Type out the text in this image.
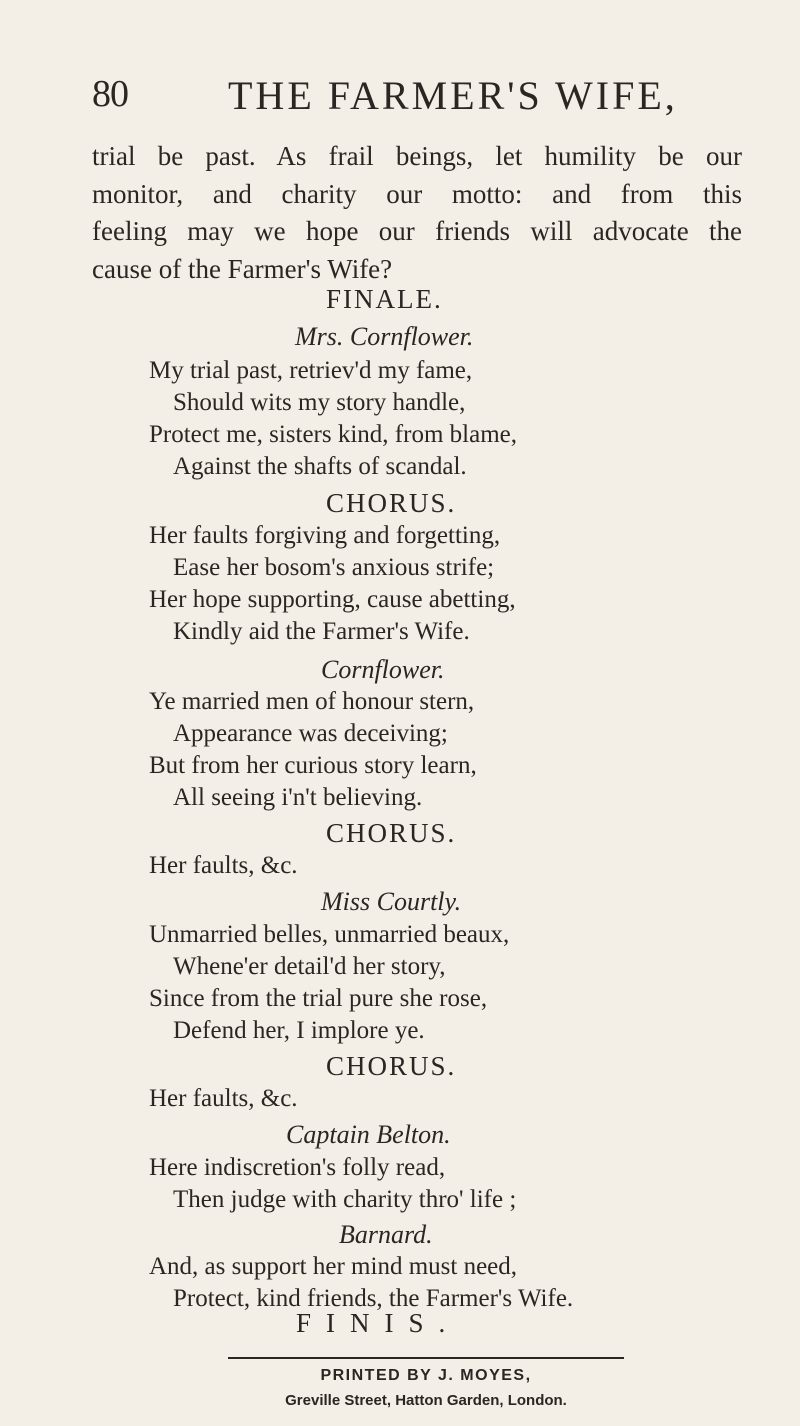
80	THE FARMER'S WIFE,
trial be past. As frail beings, let humility be our
monitor, and charity our motto: and from this
feeling may we hope our friends will advocate the
cause of the Farmer's Wife?
FINALE.
Mrs. Cornflower.
My trial past, retriev'd my fame,
Should wits my story handle,
Protect me, sisters kind, from blame,
Against the shafts of scandal.
CHORUS.
Her faults forgiving and forgetting,
Ease her bosom's anxious strife;
Her hope supporting, cause abetting,
Kindly aid the Farmer's Wife.
Cornflower.
Ye married men of honour stern,
Appearance was deceiving;
But from her curious story learn,
All seeing i'n't believing.
CHORUS.
Her faults, &c.
Miss Courtly.
Unmarried belles, unmarried beaux,
Whene'er detail'd her story,
Since from the trial pure she rose,
Defend her, I implore ye.
CHORUS.
Her faults, &c.
Captain Belton.
Here indiscretion's folly read,
Then judge with charity thro' life ;
Barnard.
And, as support her mind must need,
Protect, kind friends, the Farmer's Wife.
FINIS.
PRINTED BY J. MOYES,
Greville Street, Hatton Garden, London.
